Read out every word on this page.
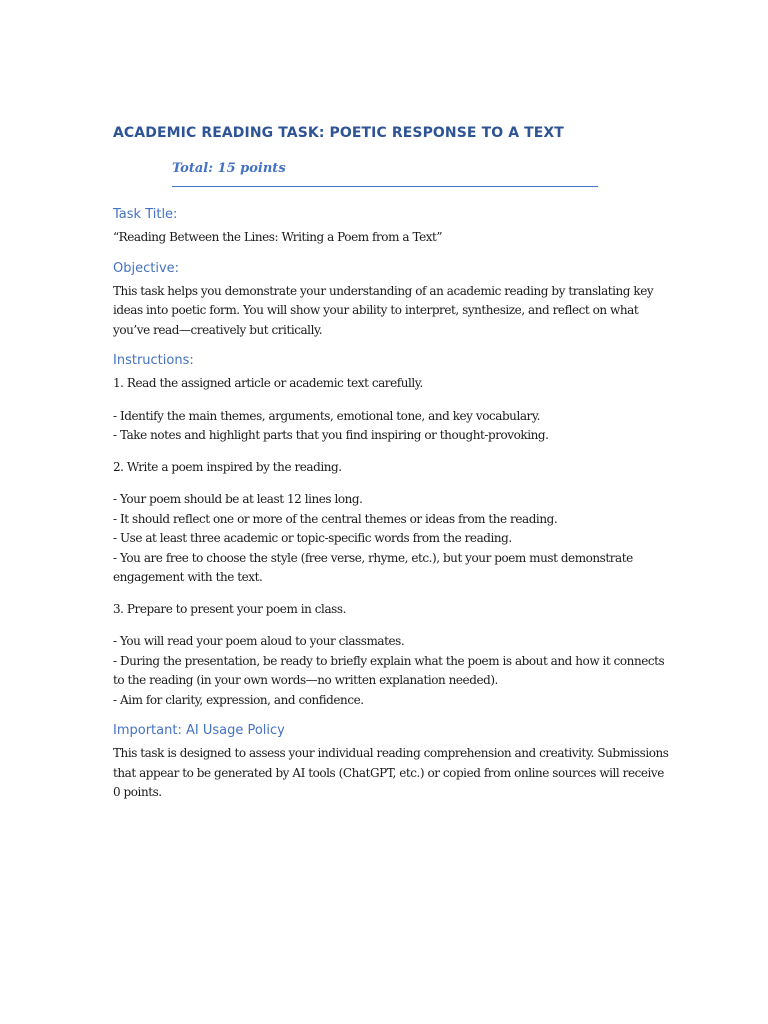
ACADEMIC READING TASK: POETIC RESPONSE TO A TEXT
Total: 15 points
Task Title:

“Reading Between the Lines: Writing a Poem from a Text”

Objective:

This task helps you demonstrate your understanding of an academic reading by translating key ideas into poetic form. You will show your ability to interpret, synthesize, and reflect on what you’ve read—creatively but critically.

Instructions:

1. Read the assigned article or academic text carefully.

- Identify the main themes, arguments, emotional tone, and key vocabulary.

- Take notes and highlight parts that you find inspiring or thought-provoking.

2. Write a poem inspired by the reading.

- Your poem should be at least 12 lines long.

- It should reflect one or more of the central themes or ideas from the reading.

- Use at least three academic or topic-specific words from the reading.

- You are free to choose the style (free verse, rhyme, etc.), but your poem must demonstrate engagement with the text.

3. Prepare to present your poem in class.

- You will read your poem aloud to your classmates.

- During the presentation, be ready to briefly explain what the poem is about and how it connects to the reading (in your own words—no written explanation needed).

- Aim for clarity, expression, and confidence.

Important: AI Usage Policy

This task is designed to assess your individual reading comprehension and creativity. Submissions that appear to be generated by AI tools (ChatGPT, etc.) or copied from online sources will receive 0 points.
